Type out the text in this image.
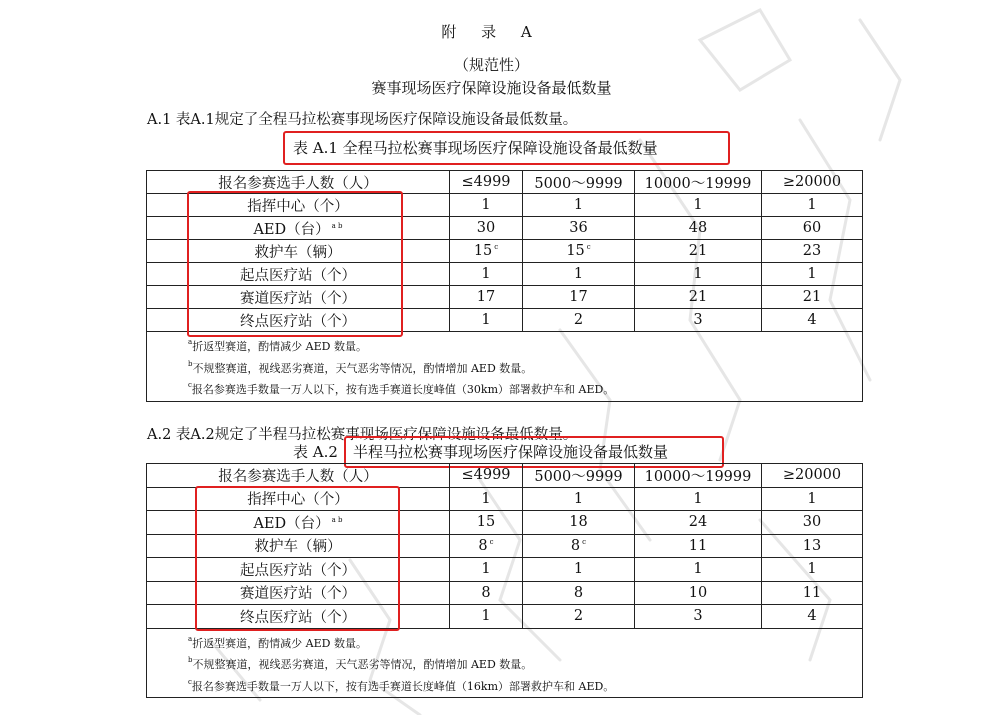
附 录 A
（规范性）
赛事现场医疗保障设施设备最低数量
A.1 表A.1规定了全程马拉松赛事现场医疗保障设施设备最低数量。
表 A.1 全程马拉松赛事现场医疗保障设施设备最低数量
报名参赛选手人数（人）	≤4999	5000～9999	10000～19999	≥20000
指挥中心（个）	1	1	1	1
AED（台） $^{a b}$	30	36	48	60
救护车（辆）	15 $^c$	15 $^c$	21	23
起点医疗站（个）	1	1	1	1
赛道医疗站（个）	17	17	21	21
终点医疗站（个）	1	2	3	4

$^a$折返型赛道，酌情减少 AED 数量。
$^b$不规整赛道，视线恶劣赛道，天气恶劣等情况，酌情增加 AED 数量。
$^c$报名参赛选手数量一万人以下，按有选手赛道长度峰值（30km）部署救护车和 AED。				
A.2 表A.2规定了半程马拉松赛事现场医疗保障设施设备最低数量。
表 A.2 半程马拉松赛事现场医疗保障设施设备最低数量
报名参赛选手人数（人）	≤4999	5000～9999	10000～19999	≥20000
指挥中心（个）	1	1	1	1
AED（台） $^{a b}$	15	18	24	30
救护车（辆）	8 $^c$	8 $^c$	11	13
起点医疗站（个）	1	1	1	1
赛道医疗站（个）	8	8	10	11
终点医疗站（个）	1	2	3	4

$^a$折返型赛道，酌情减少 AED 数量。
$^b$不规整赛道，视线恶劣赛道，天气恶劣等情况，酌情增加 AED 数量。
$^c$报名参赛选手数量一万人以下，按有选手赛道长度峰值（16km）部署救护车和 AED。				
